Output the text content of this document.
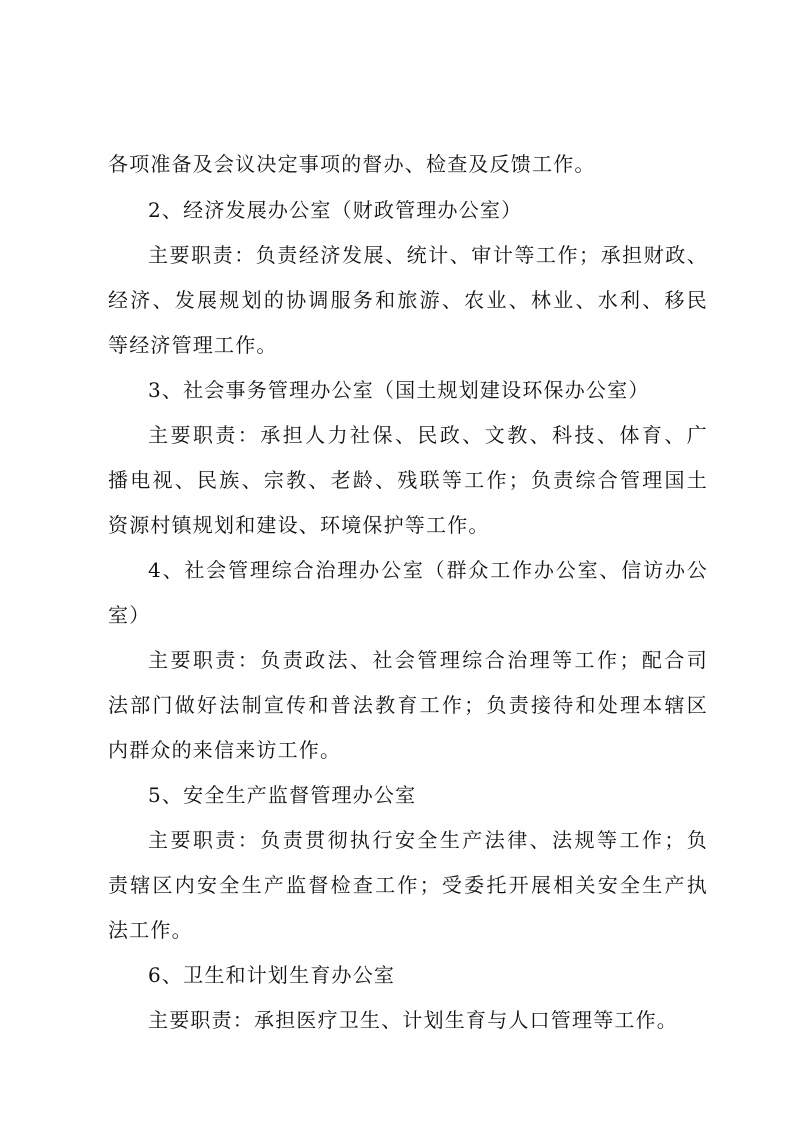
各项准备及会议决定事项的督办、检查及反馈工作。
2、经济发展办公室（财政管理办公室）
主要职责：负责经济发展、统计、审计等工作；承担财政、
经济、发展规划的协调服务和旅游、农业、林业、水利、移民
等经济管理工作。
3、社会事务管理办公室（国土规划建设环保办公室）
主要职责：承担人力社保、民政、文教、科技、体育、广
播电视、民族、宗教、老龄、残联等工作；负责综合管理国土
资源村镇规划和建设、环境保护等工作。
4、社会管理综合治理办公室（群众工作办公室、信访办公
室）
主要职责：负责政法、社会管理综合治理等工作；配合司
法部门做好法制宣传和普法教育工作；负责接待和处理本辖区
内群众的来信来访工作。
5、安全生产监督管理办公室
主要职责：负责贯彻执行安全生产法律、法规等工作；负
责辖区内安全生产监督检查工作；受委托开展相关安全生产执
法工作。
6、卫生和计划生育办公室
主要职责：承担医疗卫生、计划生育与人口管理等工作。
